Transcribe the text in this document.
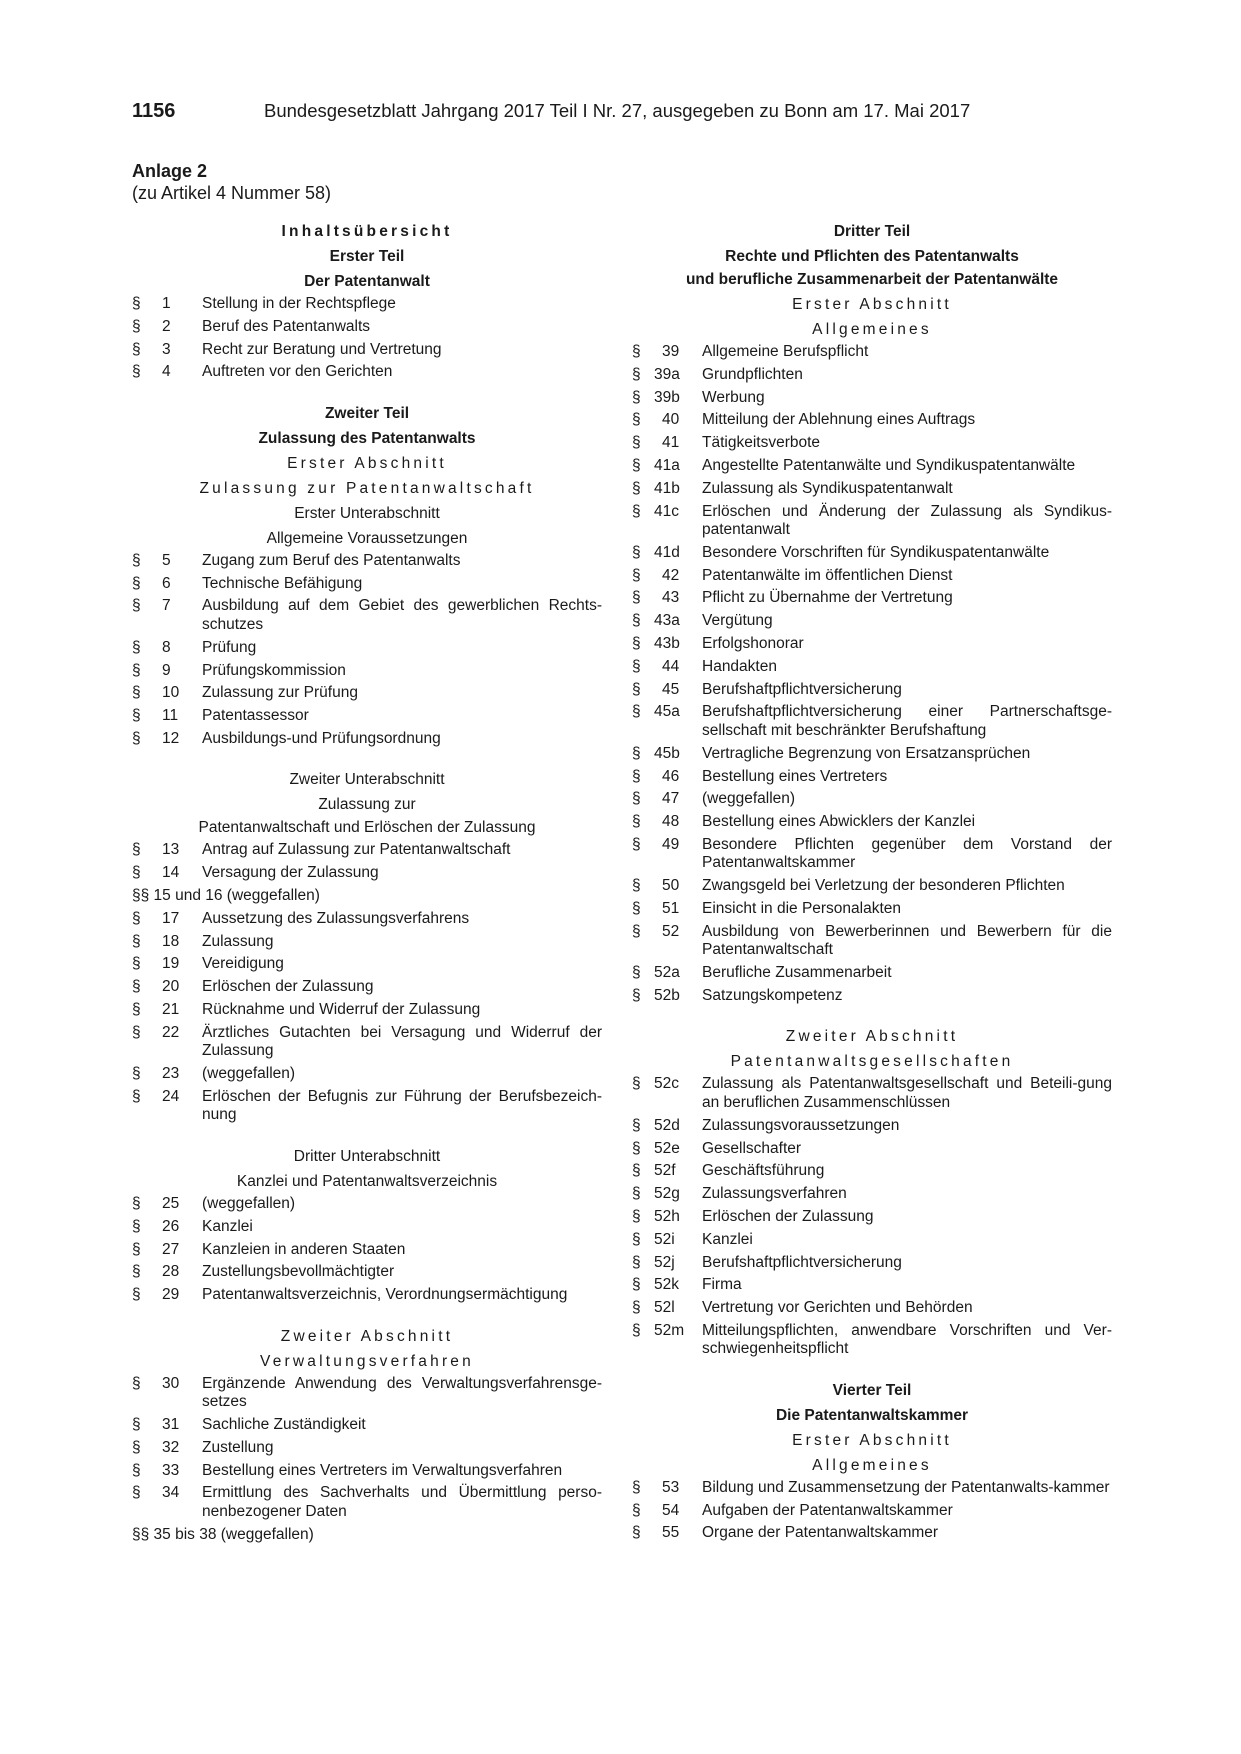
1156	Bundesgesetzblatt Jahrgang 2017 Teil I Nr. 27, ausgegeben zu Bonn am 17. Mai 2017
Anlage 2
(zu Artikel 4 Nummer 58)
Inhaltsübersicht
Erster Teil
Der Patentanwalt
§ 1 Stellung in der Rechtspflege
§ 2 Beruf des Patentanwalts
§ 3 Recht zur Beratung und Vertretung
§ 4 Auftreten vor den Gerichten
Zweiter Teil
Zulassung des Patentanwalts
Erster Abschnitt
Zulassung zur Patentanwaltschaft
Erster Unterabschnitt
Allgemeine Voraussetzungen
§ 5 Zugang zum Beruf des Patentanwalts
§ 6 Technische Befähigung
§ 7 Ausbildung auf dem Gebiet des gewerblichen Rechts-​schutzes
§ 8 Prüfung
§ 9 Prüfungskommission
§ 10 Zulassung zur Prüfung
§ 11 Patentassessor
§ 12 Ausbildungs-​und Prüfungsordnung
Zweiter Unterabschnitt
Zulassung zur
Patentanwaltschaft und Erlöschen der Zulassung
§ 13 Antrag auf Zulassung zur Patentanwaltschaft
§ 14 Versagung der Zulassung
§§ 15 und 16 (weggefallen)
§ 17 Aussetzung des Zulassungsverfahrens
§ 18 Zulassung
§ 19 Vereidigung
§ 20 Erlöschen der Zulassung
§ 21 Rücknahme und Widerruf der Zulassung
§ 22 Ärztliches Gutachten bei Versagung und Widerruf der Zulassung
§ 23 (weggefallen)
§ 24 Erlöschen der Befugnis zur Führung der Berufsbezeich-​nung
Dritter Unterabschnitt
Kanzlei und Patentanwaltsverzeichnis
§ 25 (weggefallen)
§ 26 Kanzlei
§ 27 Kanzleien in anderen Staaten
§ 28 Zustellungsbevollmächtigter
§ 29 Patentanwaltsverzeichnis, Verordnungsermächtigung
Zweiter Abschnitt
Verwaltungsverfahren
§ 30 Ergänzende Anwendung des Verwaltungsverfahrensge-​setzes
§ 31 Sachliche Zuständigkeit
§ 32 Zustellung
§ 33 Bestellung eines Vertreters im Verwaltungsverfahren
§ 34 Ermittlung des Sachverhalts und Übermittlung perso-​nenbezogener Daten
§§ 35 bis 38 (weggefallen)
Dritter Teil
Rechte und Pflichten des Patentanwalts
und berufliche Zusammenarbeit der Patentanwälte
Erster Abschnitt
Allgemeines
§ 39 Allgemeine Berufspflicht
§ 39a Grundpflichten
§ 39b Werbung
§ 40 Mitteilung der Ablehnung eines Auftrags
§ 41 Tätigkeitsverbote
§ 41a Angestellte Patentanwälte und Syndikuspatentanwälte
§ 41b Zulassung als Syndikuspatentanwalt
§ 41c Erlöschen und Änderung der Zulassung als Syndikus-​patentanwalt
§ 41d Besondere Vorschriften für Syndikuspatentanwälte
§ 42 Patentanwälte im öffentlichen Dienst
§ 43 Pflicht zu Übernahme der Vertretung
§ 43a Vergütung
§ 43b Erfolgshonorar
§ 44 Handakten
§ 45 Berufshaftpflichtversicherung
§ 45a Berufshaftpflichtversicherung einer Partnerschaftsge-​sellschaft mit beschränkter Berufshaftung
§ 45b Vertragliche Begrenzung von Ersatzansprüchen
§ 46 Bestellung eines Vertreters
§ 47 (weggefallen)
§ 48 Bestellung eines Abwicklers der Kanzlei
§ 49 Besondere Pflichten gegenüber dem Vorstand der Patentanwaltskammer
§ 50 Zwangsgeld bei Verletzung der besonderen Pflichten
§ 51 Einsicht in die Personalakten
§ 52 Ausbildung von Bewerberinnen und Bewerbern für die Patentanwaltschaft
§ 52a Berufliche Zusammenarbeit
§ 52b Satzungskompetenz
Zweiter Abschnitt
Patentanwaltsgesellschaften
§ 52c Zulassung als Patentanwaltsgesellschaft und Beteili-​gung an beruflichen Zusammenschlüssen
§ 52d Zulassungsvoraussetzungen
§ 52e Gesellschafter
§ 52f Geschäftsführung
§ 52g Zulassungsverfahren
§ 52h Erlöschen der Zulassung
§ 52i Kanzlei
§ 52j Berufshaftpflichtversicherung
§ 52k Firma
§ 52l Vertretung vor Gerichten und Behörden
§ 52m Mitteilungspflichten, anwendbare Vorschriften und Ver-​schwiegenheitspflicht
Vierter Teil
Die Patentanwaltskammer
Erster Abschnitt
Allgemeines
§ 53 Bildung und Zusammensetzung der Patentanwalts-​kammer
§ 54 Aufgaben der Patentanwaltskammer
§ 55 Organe der Patentanwaltskammer
